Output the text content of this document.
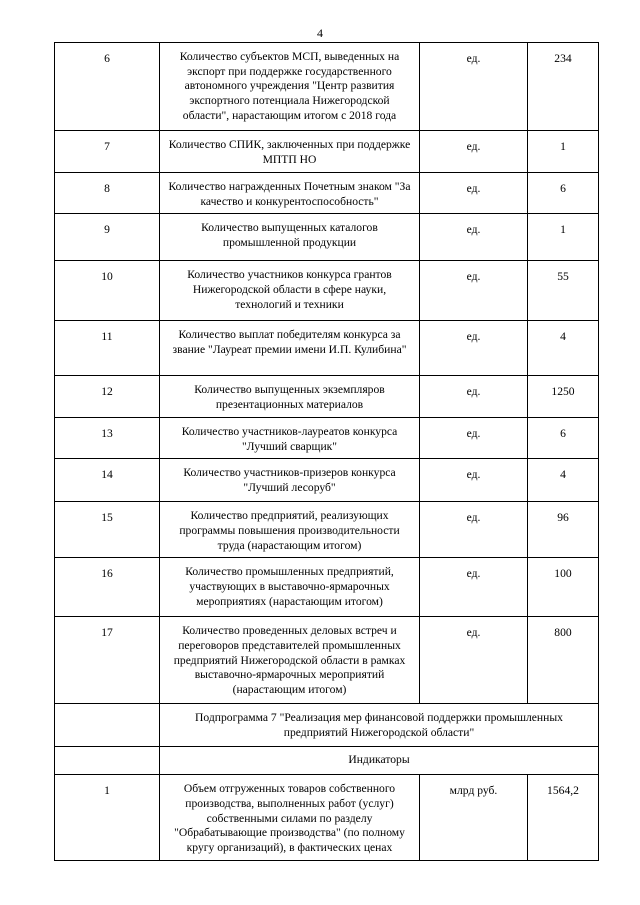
4
6	Количество субъектов МСП, выведенных на экспорт при поддержке государственного автономного учреждения "Центр развития экспортного потенциала Нижегородской области", нарастающим итогом с 2018 года	ед.	234
7	Количество СПИК, заключенных при поддержке МПТП НО	ед.	1
8	Количество награжденных Почетным знаком "За качество и конкурентоспособность"	ед.	6
9	Количество выпущенных каталогов промышленной продукции	ед.	1
10	Количество участников конкурса грантов Нижегородской области в сфере науки, технологий и техники	ед.	55
11	Количество выплат победителям конкурса за звание "Лауреат премии имени И.П. Кулибина"	ед.	4
12	Количество выпущенных экземпляров презентационных материалов	ед.	1250
13	Количество участников-лауреатов конкурса "Лучший сварщик"	ед.	6
14	Количество участников-призеров конкурса "Лучший лесоруб"	ед.	4
15	Количество предприятий, реализующих программы повышения производительности труда (нарастающим итогом)	ед.	96
16	Количество промышленных предприятий, участвующих в выставочно-ярмарочных мероприятиях (нарастающим итогом)	ед.	100
17	Количество проведенных деловых встреч и переговоров представителей промышленных предприятий Нижегородской области в рамках выставочно-ярмарочных мероприятий (нарастающим итогом)	ед.	800
	Подпрограмма 7 "Реализация мер финансовой поддержки промышленных предприятий Нижегородской области"		
	Индикаторы		
1	Объем отгруженных товаров собственного производства, выполненных работ (услуг) собственными силами по разделу "Обрабатывающие производства" (по полному кругу организаций), в фактических ценах	млрд руб.	1564,2
